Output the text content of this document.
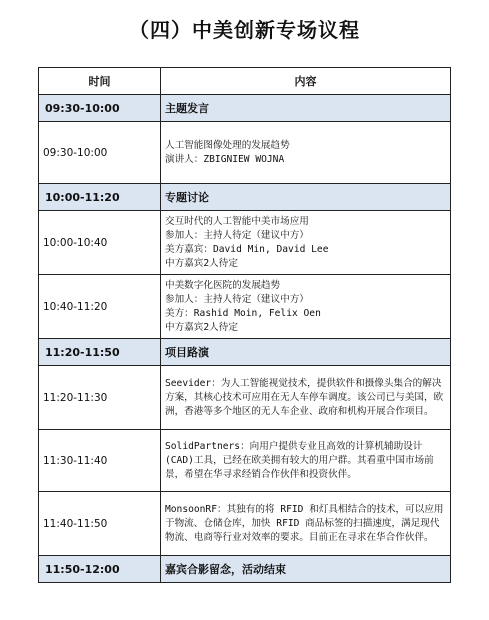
（四）中美创新专场议程
时间	内容
09:30-10:00	主题发言
09:30-10:00	人工智能图像处理的发展趋势
演讲人：ZBIGNIEW WOJNA

10:00-11:20	专题讨论
10:00-10:40	交互时代的人工智能中美市场应用
参加人：主持人待定（建议中方）
美方嘉宾：David Min, David Lee
中方嘉宾2人待定

10:40-11:20	中美数字化医院的发展趋势
参加人：主持人待定（建议中方）
美方：Rashid Moin, Felix Oen
中方嘉宾2人待定

11:20-11:50	项目路演
11:20-11:30	Seevider：为人工智能视觉技术，提供软件和摄像头集合的解决方案，其核心技术可应用在无人车停车调度。该公司已与美国，欧洲，香港等多个地区的无人车企业、政府和机构开展合作项目。

11:30-11:40	SolidPartners：向用户提供专业且高效的计算机辅助设计(CAD)工具，已经在欧美拥有较大的用户群。其看重中国市场前景，希望在华寻求经销合作伙伴和投资伙伴。

11:40-11:50	MonsoonRF：其独有的将 RFID 和灯具相结合的技术，可以应用于物流、仓储仓库，加快 RFID 商品标签的扫描速度，满足现代物流、电商等行业对效率的要求。目前正在寻求在华合作伙伴。

11:50-12:00	嘉宾合影留念，活动结束
